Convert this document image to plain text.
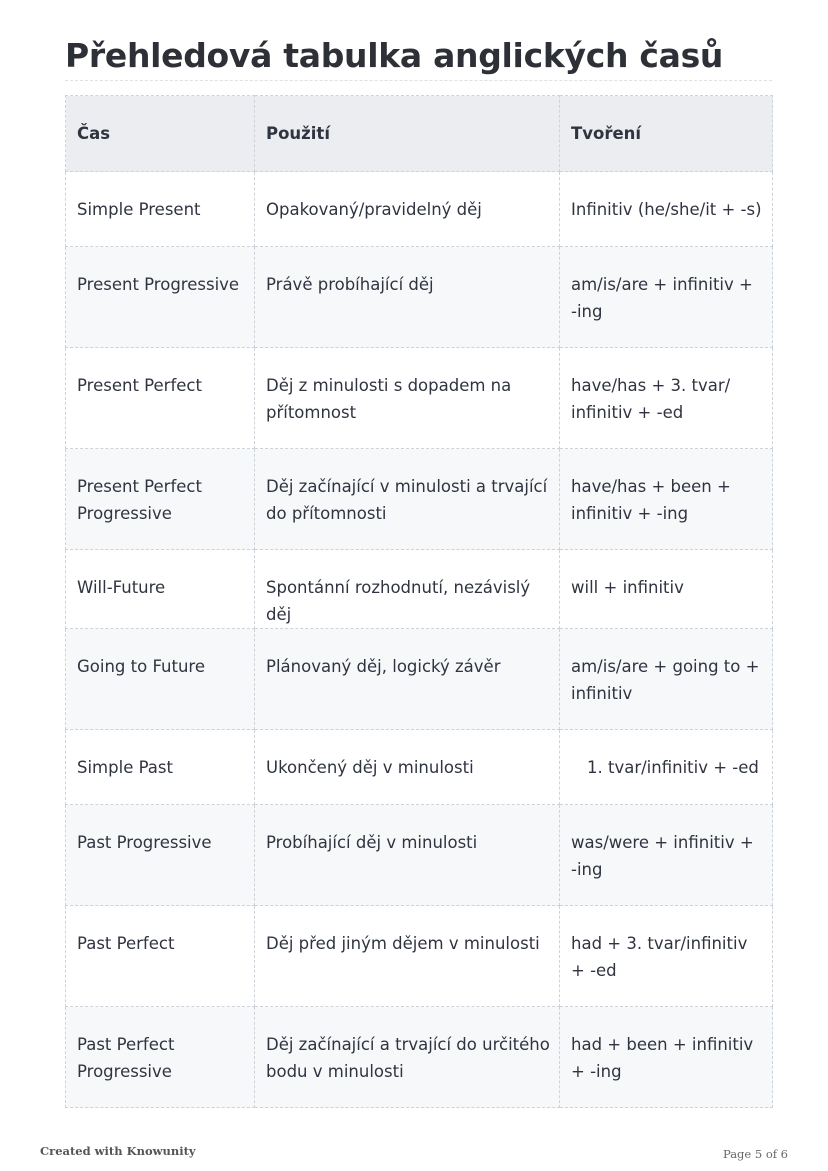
Přehledová tabulka anglických časů
Čas	Použití	Tvoření
Simple Present	Opakovaný/pravidelný děj	Infinitiv (he/she/it + -s)
Present Progressive	Právě probíhající děj	am/is/are + infinitiv + -ing
Present Perfect	Děj z minulosti s dopadem na přítomnost	have/has + 3. tvar/ infinitiv + -ed
Present Perfect Progressive	Děj začínající v minulosti a trvající do přítomnosti	have/has + been + infinitiv + -ing
Will-Future	Spontánní rozhodnutí, nezávislý děj	will + infinitiv
Going to Future	Plánovaný děj, logický závěr	am/is/are + going to + infinitiv
Simple Past	Ukončený děj v minulosti	1. tvar/infinitiv + -ed
Past Progressive	Probíhající děj v minulosti	was/were + infinitiv + -ing
Past Perfect	Děj před jiným dějem v minulosti	had + 3. tvar/infinitiv + -ed
Past Perfect Progressive	Děj začínající a trvající do určitého bodu v minulosti	had + been + infinitiv + -ing
Created with Knowunity	Page 5 of 6
